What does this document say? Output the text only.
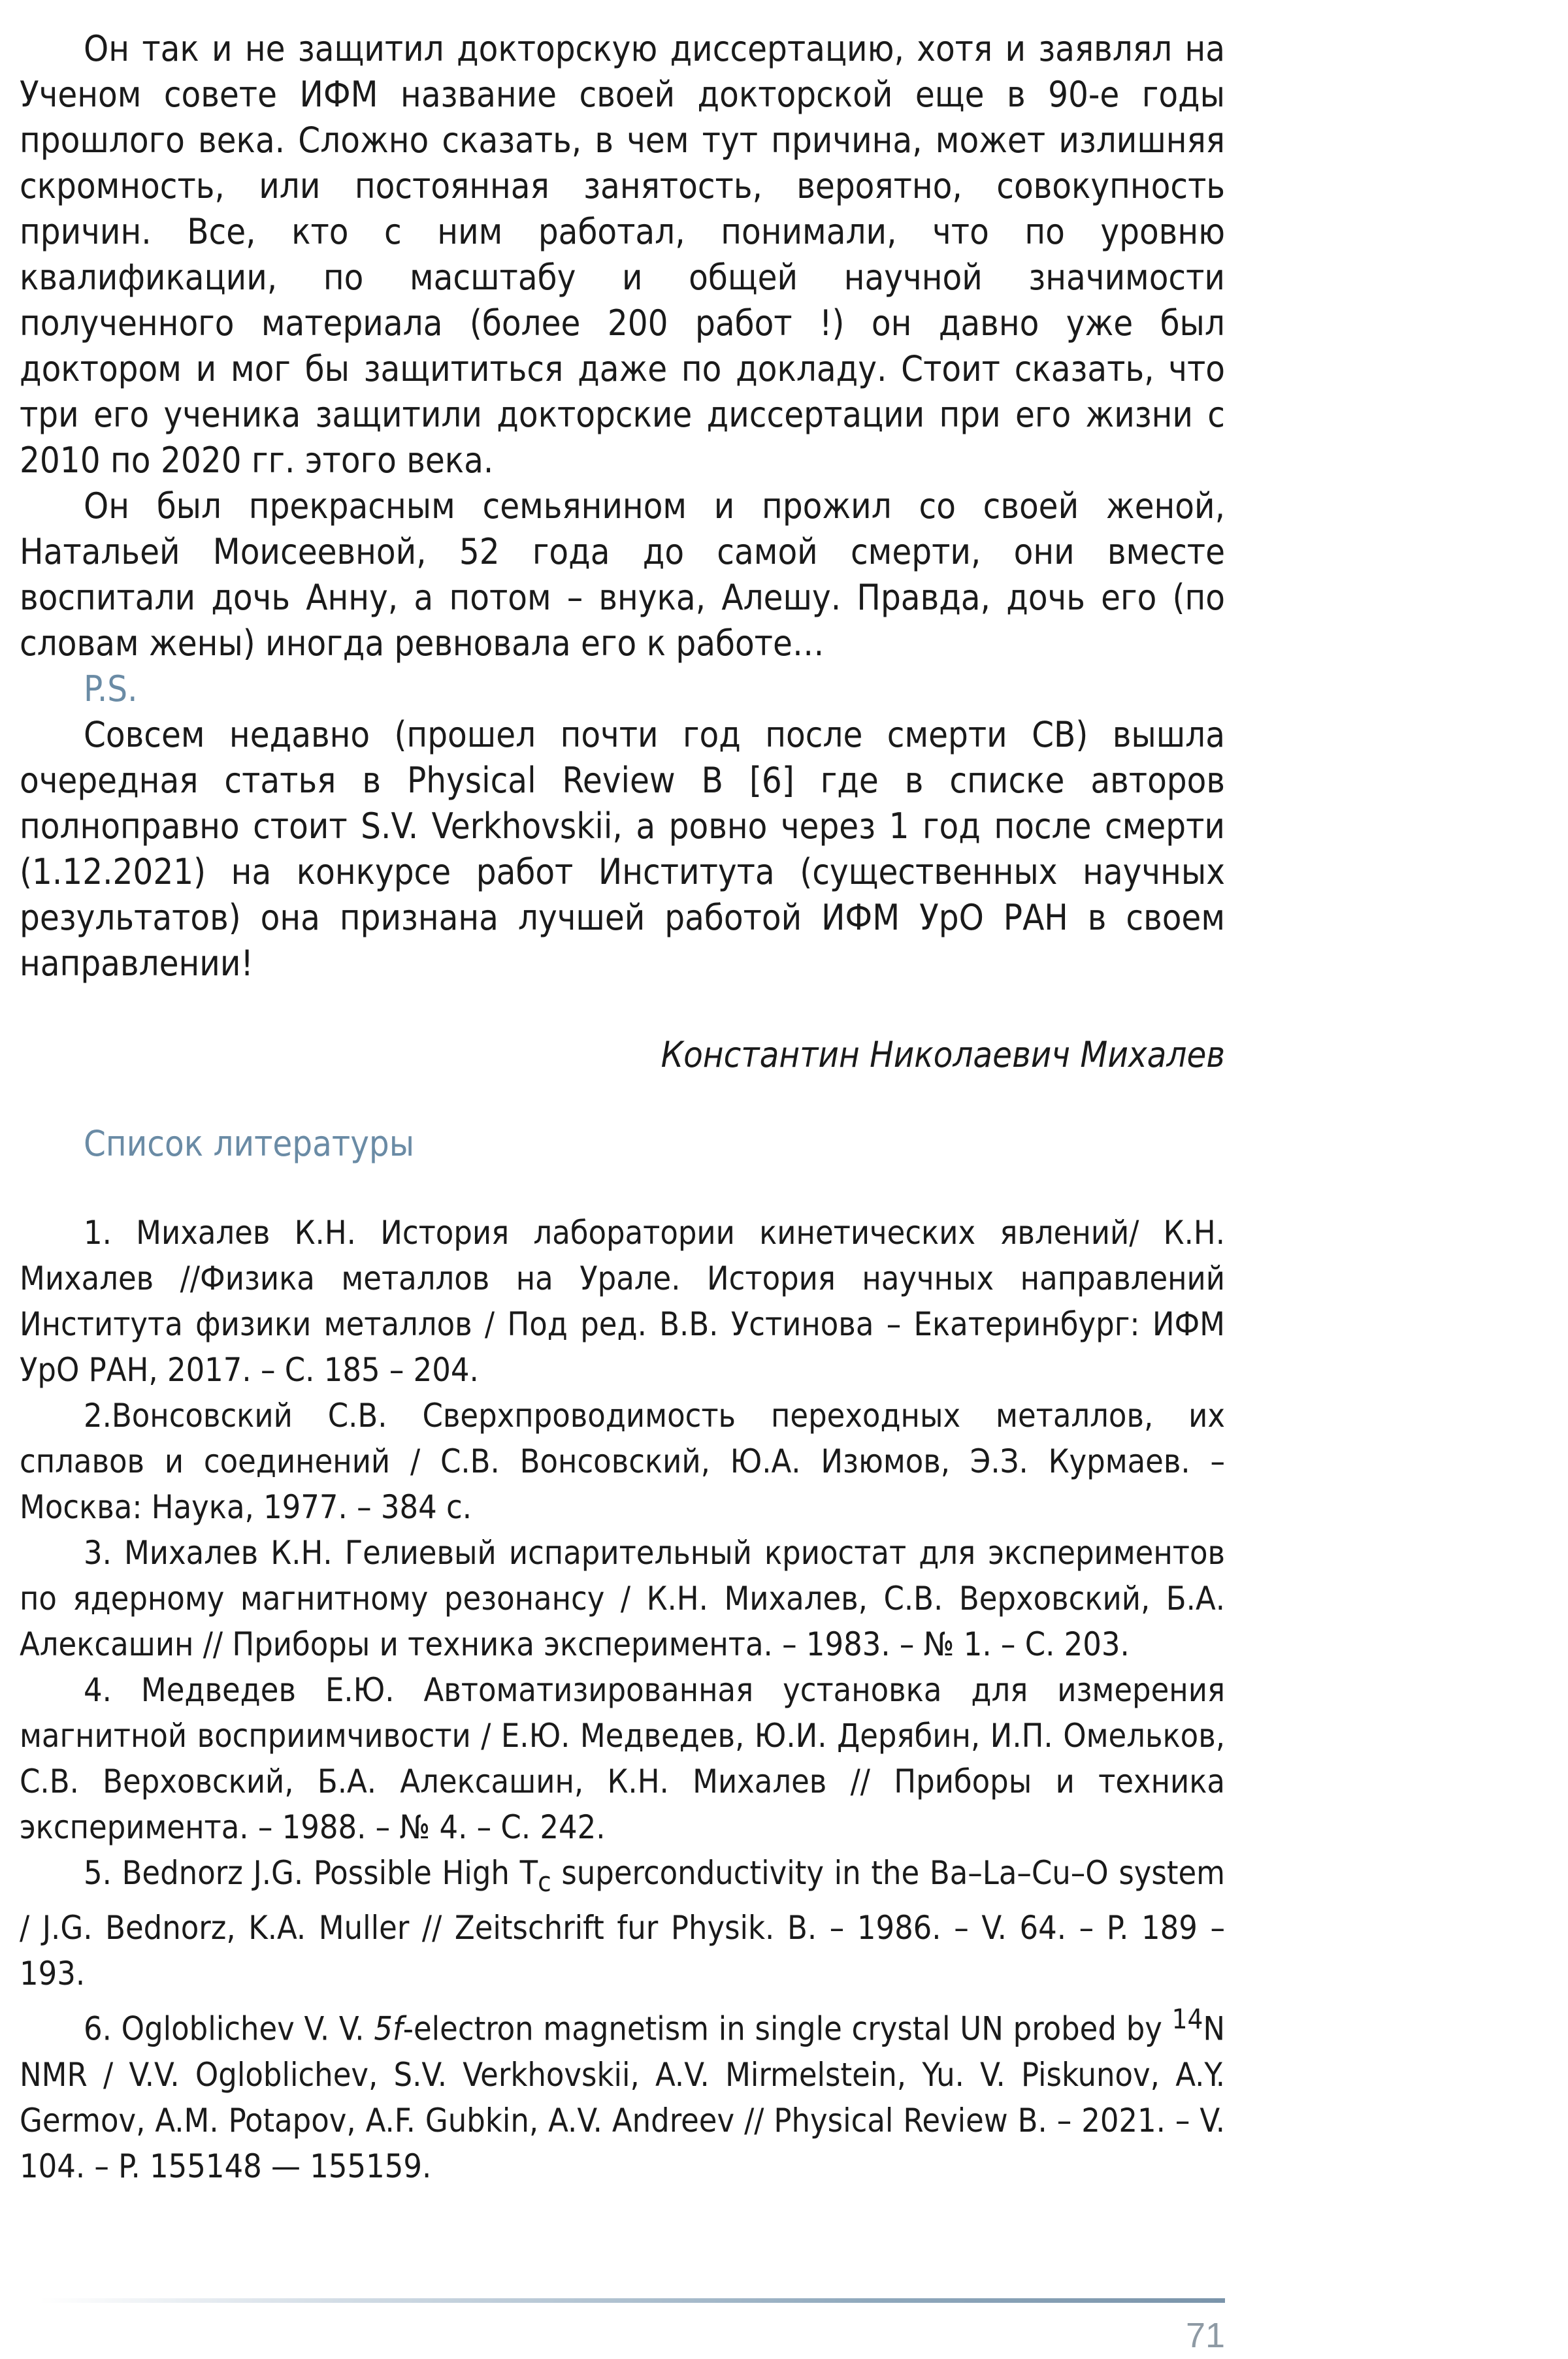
Он так и не защитил докторскую диссертацию, хотя и заявлял на Ученом совете ИФМ название своей докторской еще в 90-е годы прошлого века. Сложно сказать, в чем тут причина, может излишняя скромность, или постоянная занятость, вероятно, совокупность причин. Все, кто с ним работал, понимали, что по уровню квалификации, по масштабу и общей научной значимости полученного материала (более 200 работ !) он давно уже был доктором и мог бы защититься даже по докладу. Стоит сказать, что три его ученика защитили докторские диссертации при его жизни с 2010 по 2020 гг. этого века.

Он был прекрасным семьянином и прожил со своей женой, Натальей Моисеевной, 52 года до самой смерти, они вместе воспитали дочь Анну, а потом – внука, Алешу. Правда, дочь его (по словам жены) иногда ревновала его к работе…

P.S.

Совсем недавно (прошел почти год после смерти СВ) вышла очередная статья в Physical Review B [6] где в списке авторов полноправно стоит S.V. Verkhovskii, а ровно через 1 год после смерти (1.12.2021) на конкурсе работ Института (существенных научных результатов) она признана лучшей работой ИФМ УрО РАН в своем направлении!

Константин Николаевич Михалев
Список литературы

1. Михалев К.Н. История лаборатории кинетических явлений/ К.Н. Михалев //Физика металлов на Урале. История научных направлений Института физики металлов / Под ред. В.В. Устинова – Екатеринбург: ИФМ УрО РАН, 2017. – С. 185 – 204.

2.Вонсовский С.В. Сверхпроводимость переходных металлов, их сплавов и соединений / С.В. Вонсовский, Ю.А. Изюмов, Э.З. Курмаев. – Москва: Наука, 1977. – 384 с.

3. Михалев К.Н. Гелиевый испарительный криостат для экспериментов по ядерному магнитному резонансу / К.Н. Михалев, С.В. Верховский, Б.А. Алексашин // Приборы и техника эксперимента. – 1983. – № 1. – С. 203.

4. Медведев Е.Ю. Автоматизированная установка для измерения магнитной восприимчивости / Е.Ю. Медведев, Ю.И. Дерябин, И.П. Омельков, С.В. Верховский, Б.А. Алексашин, К.Н. Михалев // Приборы и техника эксперимента. – 1988. – № 4. – С. 242.

5. Bednorz J.G. Possible High $T_c$ superconductivity in the Ba–La–Cu–O system / J.G. Bednorz, K.A. Muller // Zeitschrift fur Physik. B. – 1986. – V. 64. – P. 189 – 193.

6. Ogloblichev V. V. 5f-electron magnetism in single crystal UN probed by $^{14}$N NMR / V.V. Ogloblichev, S.V. Verkhovskii, A.V. Mirmelstein, Yu. V. Piskunov, A.Y. Germov, A.M. Potapov, A.F. Gubkin, A.V. Andreev // Physical Review B. – 2021. – V. 104. – P. 155148 — 155159.

71
